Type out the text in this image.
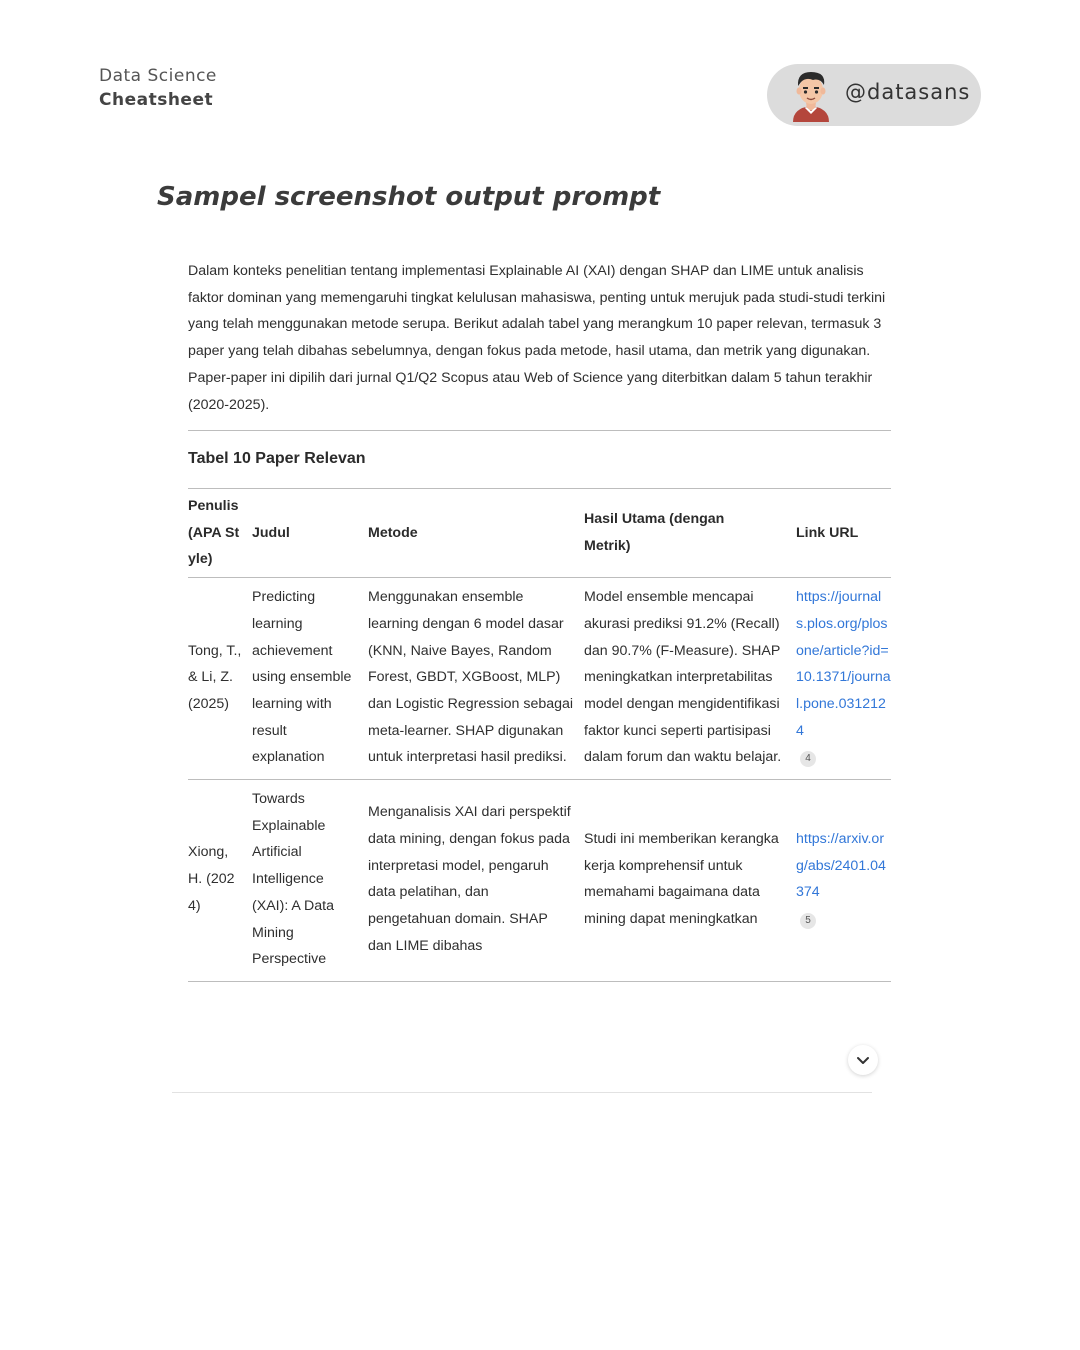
Data Science
Cheatsheet	@datasans
Sampel screenshot output prompt

Dalam konteks penelitian tentang implementasi Explainable AI (XAI) dengan SHAP dan LIME untuk analisis faktor dominan yang memengaruhi tingkat kelulusan mahasiswa, penting untuk merujuk pada studi-studi terkini yang telah menggunakan metode serupa. Berikut adalah tabel yang merangkum 10 paper relevan, termasuk 3 paper yang telah dibahas sebelumnya, dengan fokus pada metode, hasil utama, dan metrik yang digunakan. Paper-paper ini dipilih dari jurnal Q1/Q2 Scopus atau Web of Science yang diterbitkan dalam 5 tahun terakhir (2020-2025).

Tabel 10 Paper Relevan
Penulis (APA Style)	Judul	Metode	Hasil Utama (dengan Metrik)	Link URL

Tong, T., & Li, Z. (2025)	Predicting learning achievement using ensemble learning with result explanation	Menggunakan ensemble learning dengan 6 model dasar (KNN, Naive Bayes, Random Forest, GBDT, XGBoost, MLP) dan Logistic Regression sebagai meta-learner. SHAP digunakan untuk interpretasi hasil prediksi.	Model ensemble mencapai akurasi prediksi 91.2% (Recall) dan 90.7% (F-Measure). SHAP meningkatkan interpretabilitas model dengan mengidentifikasi faktor kunci seperti partisipasi dalam forum dan waktu belajar.	https://journals.plos.org/plosone/article?id=10.1371/journal.pone.0312124
4

Xiong, H. (2024)	Towards Explainable Artificial Intelligence (XAI): A Data Mining Perspective	Menganalisis XAI dari perspektif data mining, dengan fokus pada interpretasi model, pengaruh data pelatihan, dan pengetahuan domain. SHAP dan LIME dibahas	Studi ini memberikan kerangka kerja komprehensif untuk memahami bagaimana data mining dapat meningkatkan	https://arxiv.org/abs/2401.04374
5
